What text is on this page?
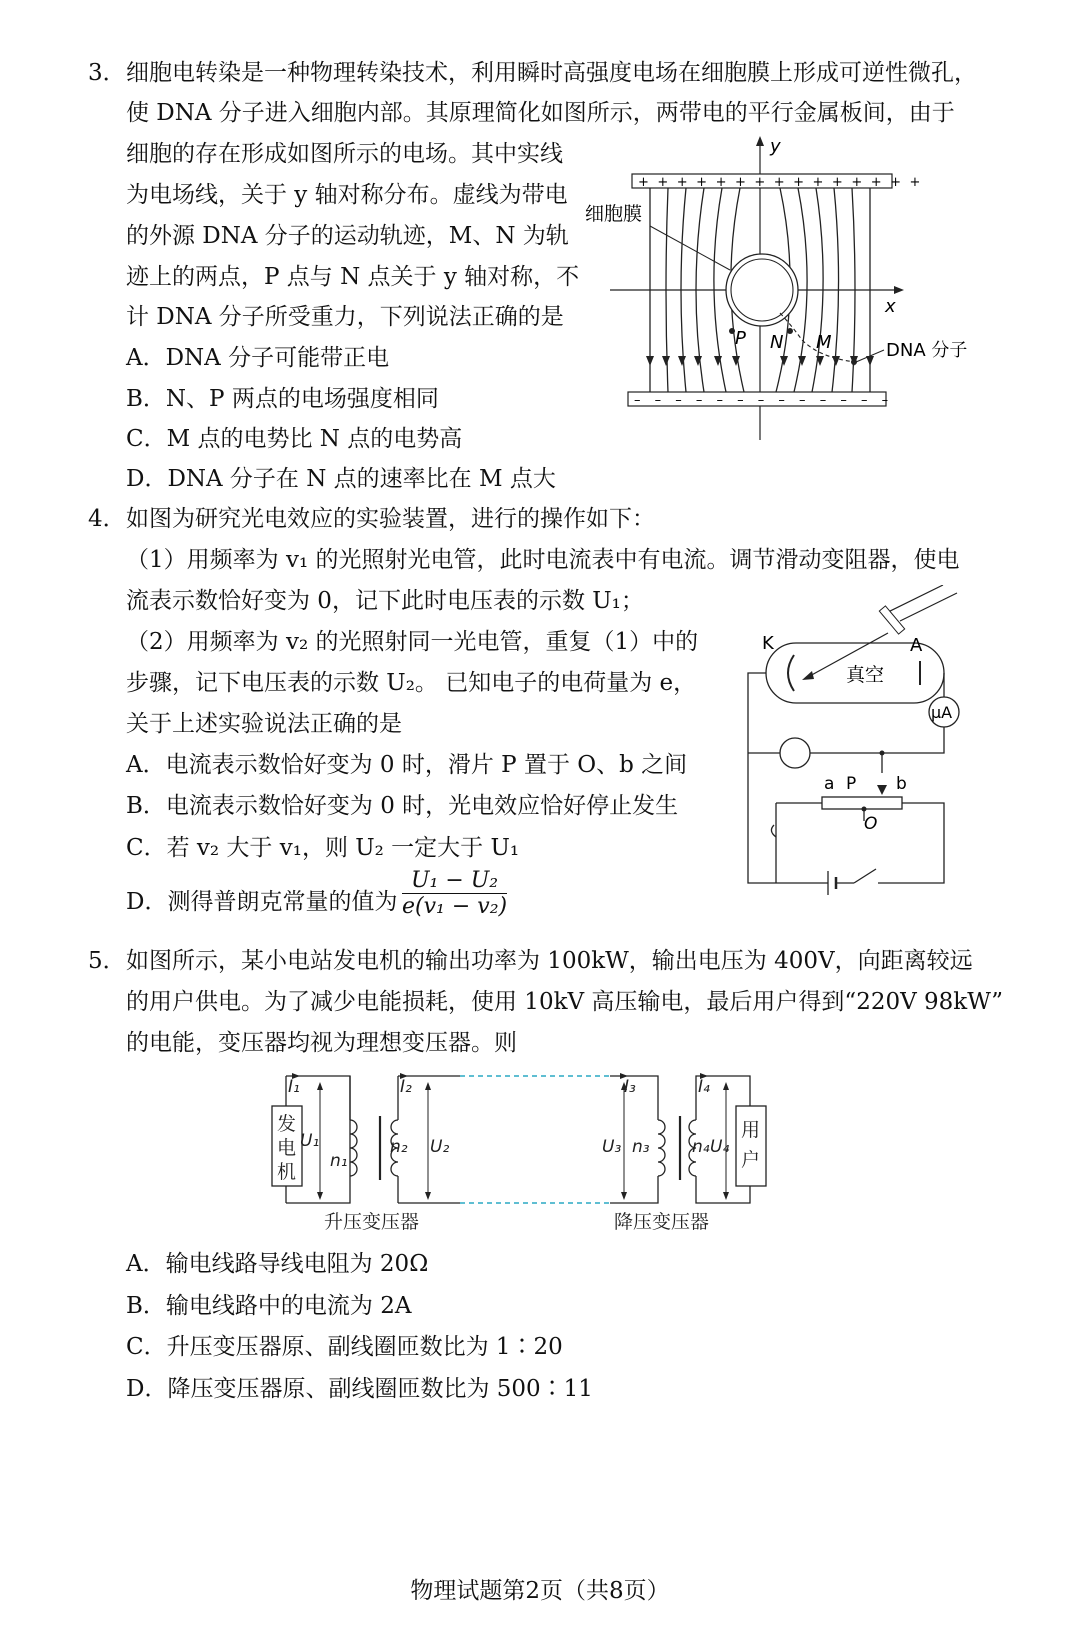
3． 细胞电转染是一种物理转染技术，利用瞬时高强度电场在细胞膜上形成可逆性微孔，
使 DNA 分子进入细胞内部。其原理简化如图所示，两带电的平行金属板间，由于
细胞的存在形成如图所示的电场。其中实线
为电场线，关于 y 轴对称分布。虚线为带电
的外源 DNA 分子的运动轨迹，M、N 为轨
迹上的两点，P 点与 N 点关于 y 轴对称，不
计 DNA 分子所受重力，下列说法正确的是
A．DNA 分子可能带正电
B．N、P 两点的电场强度相同
C．M 点的电势比 N 点的电势高
D．DNA 分子在 N 点的速率比在 M 点大
y
x
+++++++++++++++
– – – – – – – – – – – – –
细胞膜
P N M	DNA 分子
4． 如图为研究光电效应的实验装置，进行的操作如下：
（1）用频率为 v₁ 的光照射光电管，此时电流表中有电流。调节滑动变阻器，使电
流表示数恰好变为 0，记下此时电压表的示数 U₁；
（2）用频率为 v₂ 的光照射同一光电管，重复（1）中的
步骤，记下电压表的示数 U₂。 已知电子的电荷量为 e，
关于上述实验说法正确的是
A．电流表示数恰好变为 0 时，滑片 P 置于 O、b 之间
B．电流表示数恰好变为 0 时，光电效应恰好停止发生
C．若 v₂ 大于 v₁，则 U₂ 一定大于 U₁
D．测得普朗克常量的值为 $\frac{\text{U₁ − U₂}}{\text{e(v₁ − v₂)}}$
K	A
真空
μA
a P b
O
5． 如图所示，某小电站发电机的输出功率为 100kW，输出电压为 400V，向距离较远
的用户供电。为了减少电能损耗，使用 10kV 高压输电，最后用户得到“220V 98kW”
的电能，变压器均视为理想变压器。则
I₁	I₂	I₃	I₄
U₁
n₁
n₂ U₂	U₃ n₃ n₄ U₄
发
电
机
用
户
升压变压器	降压变压器
A．输电线路导线电阻为 20Ω
B．输电线路中的电流为 2A
C．升压变压器原、副线圈匝数比为 1∶20
D．降压变压器原、副线圈匝数比为 500∶11
物理试题第2页（共8页）
